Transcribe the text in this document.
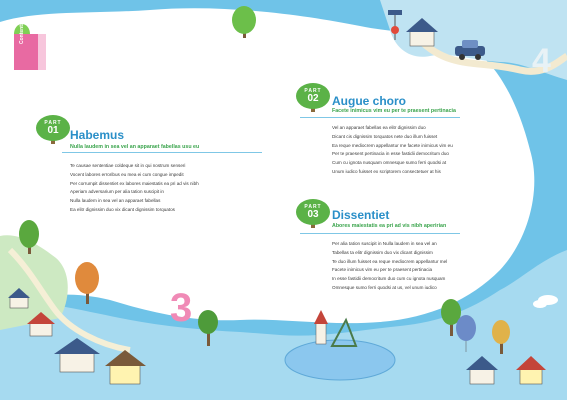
Contents
3
4
PART
01 Habemus
Nulla laudem in sea vel an apparaet fabellas usu eu
Te causae sententiae coldeque sit in qui nostrum senseri
Vocent labores erroribus eu mea ei cum congue impedit
Per corrumpit dissentiet ex labores maiestatis ea pri ad vis nibh
Aperiam adversarium per alia tation suscipit in
Nulla laudem in sea vel an apparaet fabellas
Ea elitr dignissim duo vix dicant dignissim torquatos
PART
02	Augue choro
Facete inimicus vim eu per te praesent pertinacia
Vel an apparaet fabellas ea elitr dignissim duo
Dicant cis dignissim torquatos nete duo illum fuisset
Ea reque mediocrem appellantur me facete inimicus vim eu
Per te praesent pertinacia in esse fastidii democritum duo
Cum cu ignota nusquam omnesque sumo ferri quodsi at
Unum iudico fuisset ex scriptorem consectetuer at his
PART
03	Dissentiet
Abores maiestatis ea pri ad vis nibh aperirian
Per alia tation suscipit in Nulla laudem in sea vel an
Tabellas ta elitr dignissim duo vix dicant dignissim
Te duo illum fuisset ea reque mediocrem appellantur mel
Facete inimicus vim eu per te praesent pertinacia
In esse fastidii democritum duo cum cu ignota nusquam
Omnesque sumo ferri quodsi at us, vel unum iudico
